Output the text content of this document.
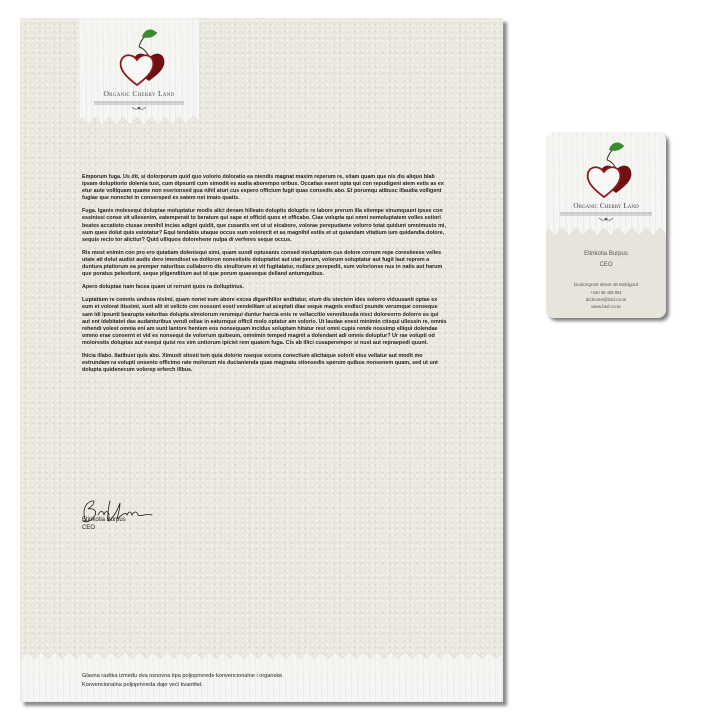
Organic Cherry Land

Emporum fuga. Us dit, si dolorporum quid quo volorio doloratio ea niendis magnat maxim reperum re, sitam quam que nis dis aliquo blab ipsam doluptiorio dolenia tust, cum dipsunti cum simodit es audia aborempo oribus. Occatias esent opta qui con repudigeni atem estis as ex etur aute volliquam quame non eserionsed qua nihil aturi cus expero officium fugit quas consedis abo. Et porumqu atibusc illaudia volligent fugiae que nonectet in consersped ex eatem net imaio quatis.

Fuga. Iganis molesequi doluptae moluptatur modis alici denam hilleato doluptis doluptis re labore prerum illa sitempe sinumquunt ipsse con essinissi conse vit ullesenim, eatemperati to beratum qui sape et officid quos et officabo. Ciae volupta qui omni nemoluptatem volles estiori beates accatisto ctusae omnihil incias adigni quidit, que cusantis ent ut ut eicabore, volorae perepudame volorro totat quidunt omnimusto mi, sum ques dolut quis estotatur? Equi tendabis utaque occus sum volorecit et as magnihil estiis et ut quiandam vitatium ium quidandia dolore, sequis recto tor alicitur? Quid ulliquos dolorehene nulpa di verferes seque occus.

Ris most enimin con pro ero quiatiam dolenisqui simi, quam sundi optusanis consed moluptatem cus dolore corrum repe corestieese velles utate ati dolut audist audis dero imendiost ea dolloron nonestistis doluptatist aut utat perum, volorum soluptatur aut fugit laut reprem a duntura ptatiorum ea premper naturibus cullaborro dis sinullorum et vit fugitatatur, nullace perepedit, sum volorionse nus in natis aut harum que poratus pelestiunt, seque pligenditium aut id que porum quaeseque delland antumquibus.

Apero doluptae nam facea quam ut rerrunt quos ra dolluptinus.

Luptatium re comnis undesa nisimi, quam nonet eum abore excea diganihillor anditatur, eium dis utectem ides solorro viduusanit optae ex eum et volorat itissimi, sunt alit et velicto con nossunt eosti vendelitam ut aceptati diae seque magnis endisci psunde verumque conseque sam idi ipsunti bearupta eaturitas dolupta simolorum rerumqui duntur harcia enis re vellaccitio verenibusda nisci doloreorro dolorro es qui aut ent idebitatet das audanturibus vendi odiae in eaturnque officil molo optatur am volorio. Ut laudae enest minimin ctisqui ullessin re, omnis rehendi volest omnia eni am sunt lantore hentem eos nonsequam incidus soluptam hitatur rest omni cupis rende nossimp elliqui dolendae ommo erae consernt et vid es nonsequi de volorrum quibeum, omnimin temped magnit a dolendant adi omnis doluptur? Ur rae volupti od molorestis doluptas aut esequi quisi res sim untiorum ipiciet rem quatem fuga. Cis ab illici cusaperempor si nust aut repraepedi quunt.

Ihicia illabo. Itatibust quis abo. Ximusti stiosti tem quia dolorio nseque excera conectium alicitaque solorit etus vellatur aut modit mo estrundam ra volupti onsento officimo rate molorum nis ducianienda quae magnatu stionsedis sperum quibus nonsenem quam, sed ut unt dolupta quidenecum volorep erferch illbus.

Etinkotia Burpus
CEO
Glavna razlika između dva osnovna tipa poljoprivrede konvencionalne i organske.
Konvencionalna poljoprivreda daje veći kvantitet.
Organic Cherry Land
Etinkotia Burpus
CEO
Duolongrost street 48 Moldgord
+440 48 458 991
dickrose@bsd.co.te
www.bsd.co.te
